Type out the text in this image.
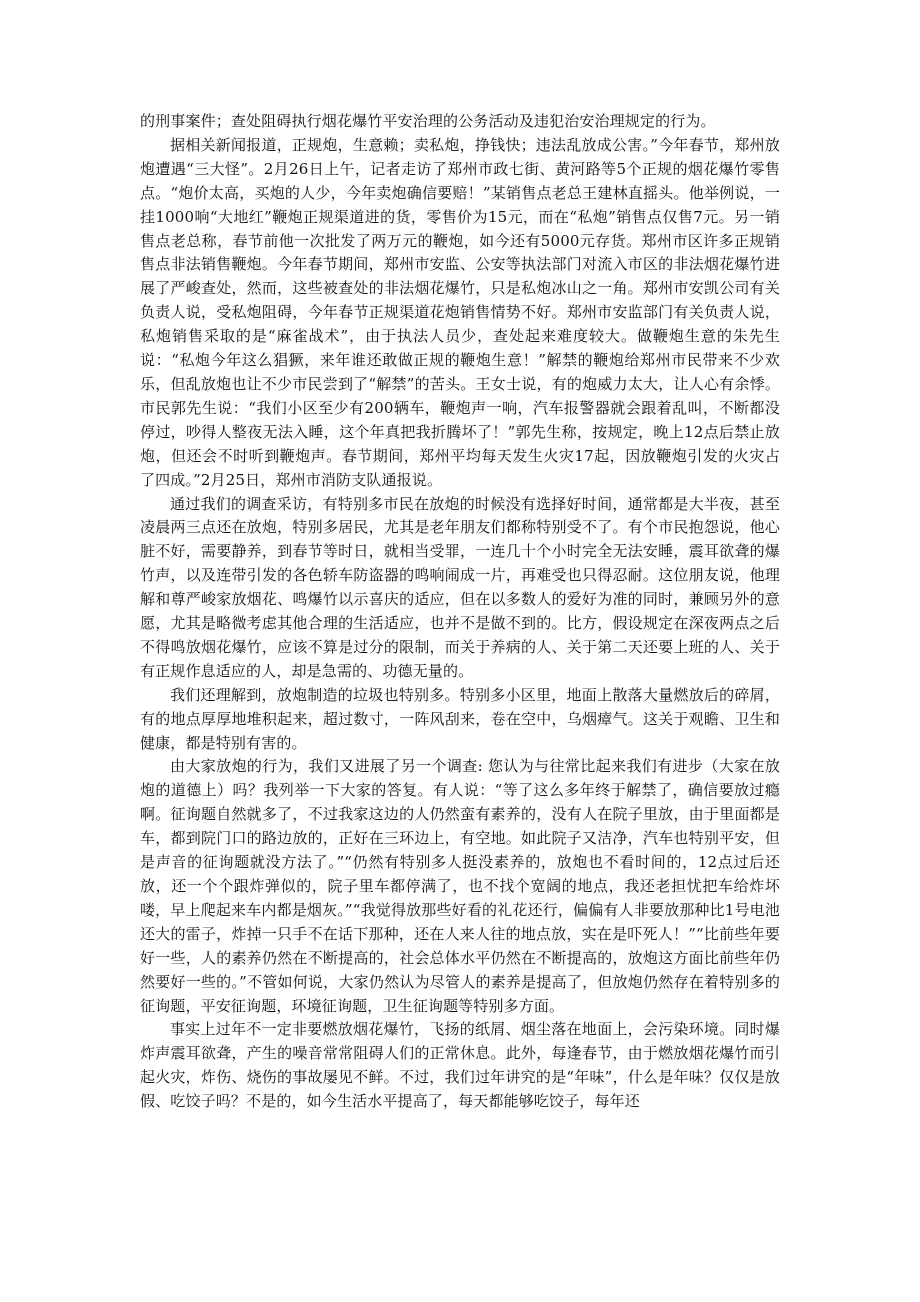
的刑事案件；查处阻碍执行烟花爆竹平安治理的公务活动及违犯治安治理规定的行为。

据相关新闻报道，正规炮，生意赖；卖私炮，挣钱快；违法乱放成公害。”今年春节，郑州放炮遭遇“三大怪”。2月26日上午，记者走访了郑州市政七街、黄河路等5个正规的烟花爆竹零售点。“炮价太高，买炮的人少，今年卖炮确信要赔！”某销售点老总王建林直摇头。他举例说，一挂1000响“大地红”鞭炮正规渠道进的货，零售价为15元，而在“私炮”销售点仅售7元。另一销售点老总称，春节前他一次批发了两万元的鞭炮，如今还有5000元存货。郑州市区许多正规销售点非法销售鞭炮。今年春节期间，郑州市安监、公安等执法部门对流入市区的非法烟花爆竹进展了严峻查处，然而，这些被查处的非法烟花爆竹，只是私炮冰山之一角。郑州市安凯公司有关负责人说，受私炮阻碍，今年春节正规渠道花炮销售情势不好。郑州市安监部门有关负责人说，私炮销售采取的是“麻雀战术”，由于执法人员少，查处起来难度较大。做鞭炮生意的朱先生说：“私炮今年这么猖獗，来年谁还敢做正规的鞭炮生意！”解禁的鞭炮给郑州市民带来不少欢乐，但乱放炮也让不少市民尝到了“解禁”的苦头。王女士说，有的炮威力太大，让人心有余悸。市民郭先生说：“我们小区至少有200辆车，鞭炮声一响，汽车报警器就会跟着乱叫，不断都没停过，吵得人整夜无法入睡，这个年真把我折腾坏了！”郭先生称，按规定，晚上12点后禁止放炮，但还会不时听到鞭炮声。春节期间，郑州平均每天发生火灾17起，因放鞭炮引发的火灾占了四成。”2月25日，郑州市消防支队通报说。

通过我们的调查采访，有特别多市民在放炮的时候没有选择好时间，通常都是大半夜，甚至凌晨两三点还在放炮，特别多居民，尤其是老年朋友们都称特别受不了。有个市民抱怨说，他心脏不好，需要静养，到春节等时日，就相当受罪，一连几十个小时完全无法安睡，震耳欲聋的爆竹声，以及连带引发的各色轿车防盗器的鸣响闹成一片，再难受也只得忍耐。这位朋友说，他理解和尊严峻家放烟花、鸣爆竹以示喜庆的适应，但在以多数人的爱好为准的同时，兼顾另外的意愿，尤其是略微考虑其他合理的生活适应，也并不是做不到的。比方，假设规定在深夜两点之后不得鸣放烟花爆竹，应该不算是过分的限制，而关于养病的人、关于第二天还要上班的人、关于有正规作息适应的人，却是急需的、功德无量的。

我们还理解到，放炮制造的垃圾也特别多。特别多小区里，地面上散落大量燃放后的碎屑，有的地点厚厚地堆积起来，超过数寸，一阵风刮来，卷在空中，乌烟瘴气。这关于观瞻、卫生和健康，都是特别有害的。

由大家放炮的行为，我们又进展了另一个调查: 您认为与往常比起来我们有进步（大家在放炮的道德上）吗？我列举一下大家的答复。有人说：“等了这么多年终于解禁了，确信要放过瘾啊。征询题自然就多了，不过我家这边的人仍然蛮有素养的，没有人在院子里放，由于里面都是车，都到院门口的路边放的，正好在三环边上，有空地。如此院子又洁净，汽车也特别平安，但是声音的征询题就没方法了。”“仍然有特别多人挺没素养的，放炮也不看时间的，12点过后还放，还一个个跟炸弹似的，院子里车都停满了，也不找个宽阔的地点，我还老担忧把车给炸坏喽，早上爬起来车内都是烟灰。”“我觉得放那些好看的礼花还行，偏偏有人非要放那种比1号电池还大的雷子，炸掉一只手不在话下那种，还在人来人往的地点放，实在是吓死人！”“比前些年要好一些，人的素养仍然在不断提高的，社会总体水平仍然在不断提高的，放炮这方面比前些年仍然要好一些的。”不管如何说，大家仍然认为尽管人的素养是提高了，但放炮仍然存在着特别多的征询题，平安征询题，环境征询题，卫生征询题等特别多方面。

事实上过年不一定非要燃放烟花爆竹，飞扬的纸屑、烟尘落在地面上，会污染环境。同时爆炸声震耳欲聋，产生的噪音常常阻碍人们的正常休息。此外，每逢春节，由于燃放烟花爆竹而引起火灾，炸伤、烧伤的事故屡见不鲜。不过，我们过年讲究的是“年味”，什么是年味？仅仅是放假、吃饺子吗？不是的，如今生活水平提高了，每天都能够吃饺子，每年还
